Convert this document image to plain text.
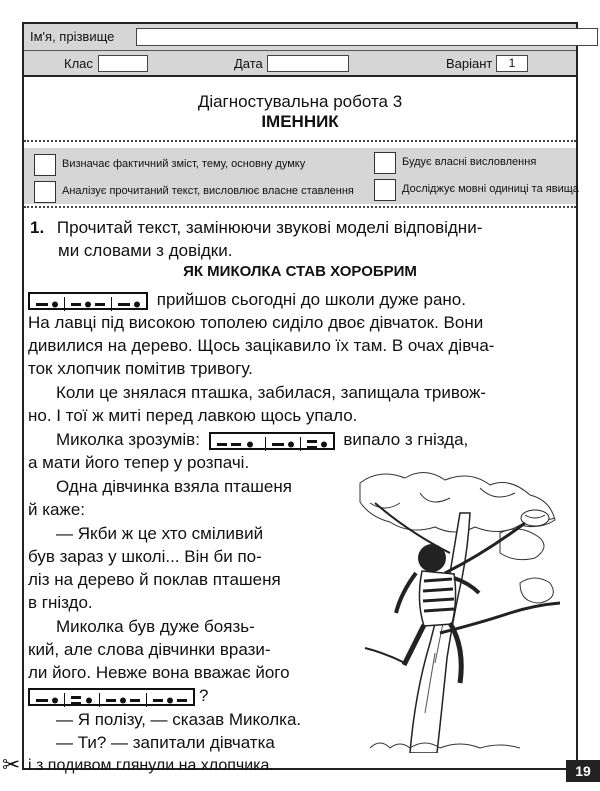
Ім'я, прізвище
Клас	Дата	Варіант	1
Діагностувальна робота 3
ІМЕННИК
Визначає фактичний зміст, тему, основну думку	Будує власні висловлення
Аналізує прочитаний текст, висловлює власне ставлення	Досліджує мовні одиниці та явища
1. Прочитай текст, замінюючи звукові моделі відповідни-
ми словами з довідки.
ЯК МИКОЛКА СТАВ ХОРОБРИМ
прийшов сьогодні до школи дуже рано.
На лавці під високою тополею сиділо двоє дівчаток. Вони
дивилися на дерево. Щось зацікавило їх там. В очах дівча-
ток хлопчик помітив тривогу.
Коли це знялася пташка, забилася, запищала тривож-
но. І тої ж миті перед лавкою щось упало.
Миколка зрозумів:	випало з гнізда,
а мати його тепер у розпачі.
Одна дівчинка взяла пташеня
й каже:
— Якби ж це хто сміливий
був зараз у школі... Він би по-
ліз на дерево й поклав пташеня
в гніздо.
Миколка був дуже боязь-
кий, але слова дівчинки врази-
ли його. Невже вона вважає його
?
— Я полізу, — сказав Миколка.
— Ти? — запитали дівчатка
і з подивом глянули на хлопчика.	19
✂
